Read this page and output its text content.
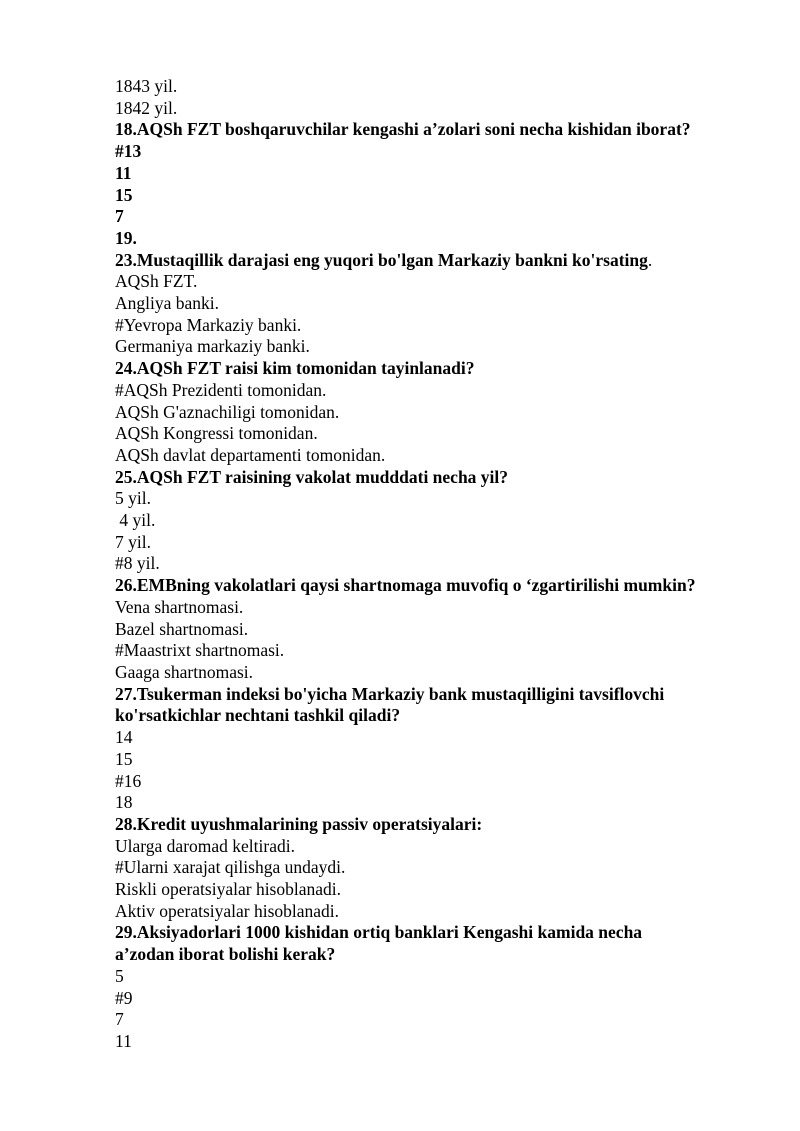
1843 yil.
1842 yil.
18.AQSh FZT boshqaruvchilar kengashi a’zolari soni necha kishidan iborat?
#13
11
15
7
19.
23.Mustaqillik darajasi eng yuqori bo'lgan Markaziy bankni ko'rsating.
AQSh FZT.
Angliya banki.
#Yevropa Markaziy banki.
Germaniya markaziy banki.
24.AQSh FZT raisi kim tomonidan tayinlanadi?
#AQSh Prezidenti tomonidan.
AQSh G'aznachiligi tomonidan.
AQSh Kongressi tomonidan.
AQSh davlat departamenti tomonidan.
25.AQSh FZT raisining vakolat mudddati necha yil?
5 yil.
4 yil.
7 yil.
#8 yil.
26.EMBning vakolatlari qaysi shartnomaga muvofiq o ‘zgartirilishi mumkin?
Vena shartnomasi.
Bazel shartnomasi.
#Maastrixt shartnomasi.
Gaaga shartnomasi.
27.Tsukerman indeksi bo'yicha Markaziy bank mustaqilligini tavsiflovchi
ko'rsatkichlar nechtani tashkil qiladi?
14
15
#16
18
28.Kredit uyushmalarining passiv operatsiyalari:
Ularga daromad keltiradi.
#Ularni xarajat qilishga undaydi.
Riskli operatsiyalar hisoblanadi.
Aktiv operatsiyalar hisoblanadi.
29.Aksiyadorlari 1000 kishidan ortiq banklari Kengashi kamida necha
a’zodan iborat bolishi kerak?
5
#9
7
11
